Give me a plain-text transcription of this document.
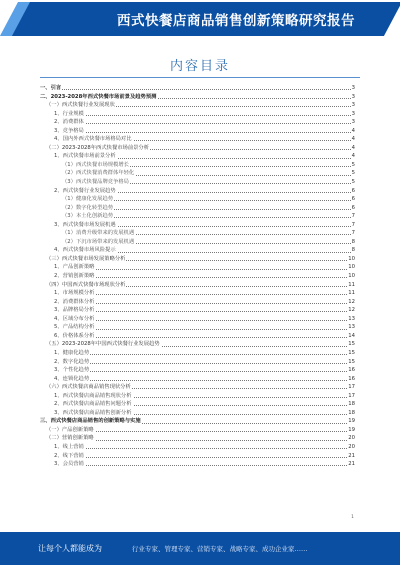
西式快餐店商品销售创新策略研究报告
内容目录
一、引言	3
二、2023-2028年西式快餐市场前景及趋势预测	3
（一）西式快餐行业发展现状	3
1、行业规模	3
2、消费群体	3
3、竞争格局	4
4、国内外西式快餐市场格局对比	4
（二）2023-2028年西式快餐市场前景分析	4
1、西式快餐市场前景分析	4
（1）西式快餐市场规模增长	5
（2）西式快餐消费群体年轻化	5
（3）西式快餐品牌竞争格局	5
2、西式快餐行业发展趋势	6
（1）健康化发展趋势	6
（2）数字化转型趋势	6
（3）本土化创新趋势	7
3、西式快餐市场发展机遇	7
（1）消费升级带来的发展机遇	7
（2）下沉市场带来的发展机遇	8
4、西式快餐市场风险提示	8
（三）西式快餐市场发展策略分析	10
1、产品创新策略	10
2、营销创新策略	10
（四）中国西式快餐市场现状分析	11
1、市场规模分析	11
2、消费群体分析	12
3、品牌格局分析	12
4、区域分布分析	13
5、产品结构分析	13
6、价格体系分析	14
（五）2023-2028年中国西式快餐行业发展趋势	15
1、健康化趋势	15
2、数字化趋势	15
3、个性化趋势	16
4、连锁化趋势	16
（六）西式快餐店商品销售现状分析	17
1、西式快餐店商品销售现状分析	17
2、西式快餐店商品销售问题分析	18
3、西式快餐店商品销售创新分析	18
三、西式快餐店商品销售的创新策略与实施	19
（一）产品创新策略	19
（二）营销创新策略	20
1、线上营销	20
2、线下营销	21
3、会员营销	21
1
让每个人都能成为	行业专家、管理专家、营销专家、战略专家、成功企业家……
